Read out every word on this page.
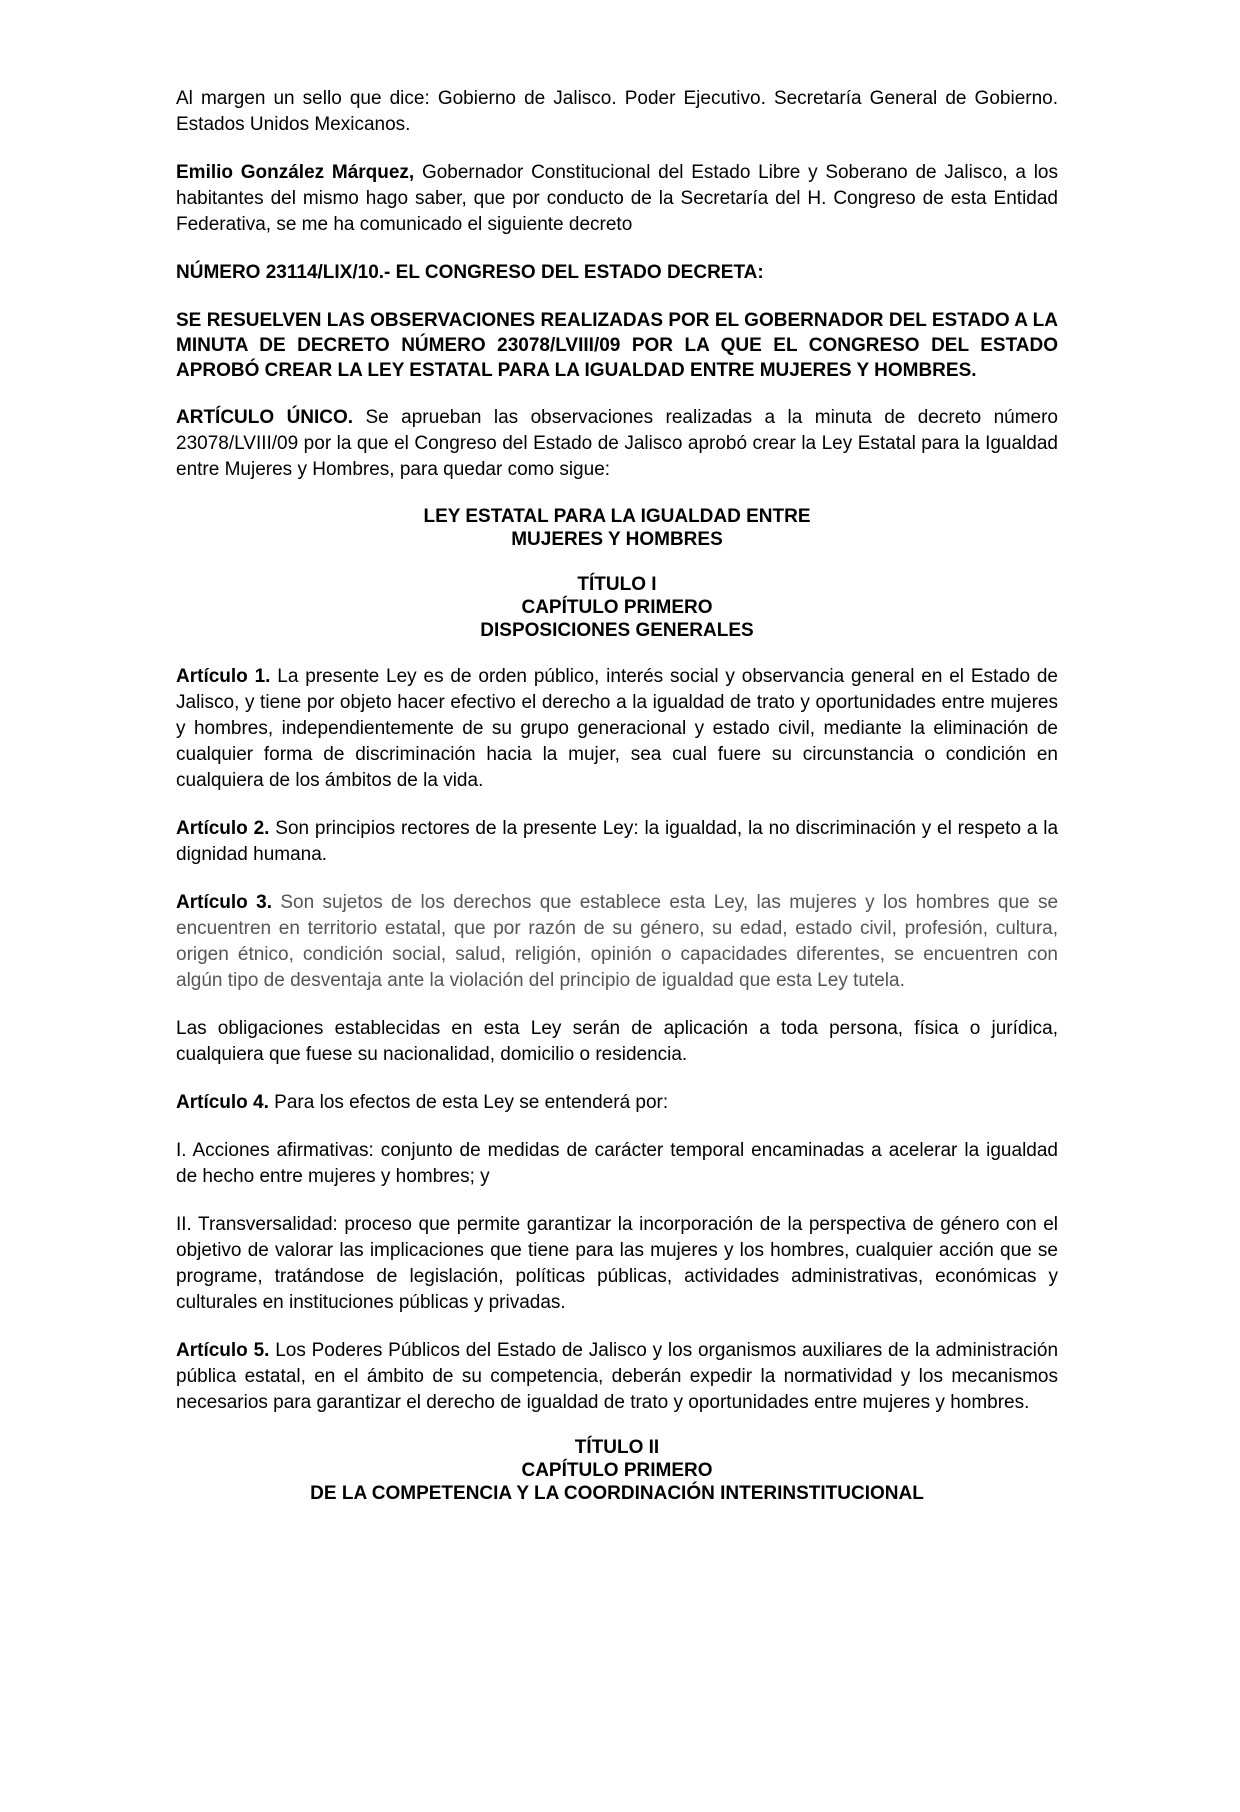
Al margen un sello que dice: Gobierno de Jalisco. Poder Ejecutivo. Secretaría General de Gobierno. Estados Unidos Mexicanos.

Emilio González Márquez, Gobernador Constitucional del Estado Libre y Soberano de Jalisco, a los habitantes del mismo hago saber, que por conducto de la Secretaría del H. Congreso de esta Entidad Federativa, se me ha comunicado el siguiente decreto

NÚMERO 23114/LIX/10.- EL CONGRESO DEL ESTADO DECRETA:

SE RESUELVEN LAS OBSERVACIONES REALIZADAS POR EL GOBERNADOR DEL ESTADO A LA MINUTA DE DECRETO NÚMERO 23078/LVIII/09 POR LA QUE EL CONGRESO DEL ESTADO APROBÓ CREAR LA LEY ESTATAL PARA LA IGUALDAD ENTRE MUJERES Y HOMBRES.

ARTÍCULO ÚNICO. Se aprueban las observaciones realizadas a la minuta de decreto número 23078/LVIII/09 por la que el Congreso del Estado de Jalisco aprobó crear la Ley Estatal para la Igualdad entre Mujeres y Hombres, para quedar como sigue:

LEY ESTATAL PARA LA IGUALDAD ENTRE
MUJERES Y HOMBRES
TÍTULO I
CAPÍTULO PRIMERO
DISPOSICIONES GENERALES

Artículo 1. La presente Ley es de orden público, interés social y observancia general en el Estado de Jalisco, y tiene por objeto hacer efectivo el derecho a la igualdad de trato y oportunidades entre mujeres y hombres, independientemente de su grupo generacional y estado civil, mediante la eliminación de cualquier forma de discriminación hacia la mujer, sea cual fuere su circunstancia o condición en cualquiera de los ámbitos de la vida.

Artículo 2. Son principios rectores de la presente Ley: la igualdad, la no discriminación y el respeto a la dignidad humana.

Artículo 3. Son sujetos de los derechos que establece esta Ley, las mujeres y los hombres que se encuentren en territorio estatal, que por razón de su género, su edad, estado civil, profesión, cultura, origen étnico, condición social, salud, religión, opinión o capacidades diferentes, se encuentren con algún tipo de desventaja ante la violación del principio de igualdad que esta Ley tutela.

Las obligaciones establecidas en esta Ley serán de aplicación a toda persona, física o jurídica, cualquiera que fuese su nacionalidad, domicilio o residencia.

Artículo 4. Para los efectos de esta Ley se entenderá por:

I. Acciones afirmativas: conjunto de medidas de carácter temporal encaminadas a acelerar la igualdad de hecho entre mujeres y hombres; y

II. Transversalidad: proceso que permite garantizar la incorporación de la perspectiva de género con el objetivo de valorar las implicaciones que tiene para las mujeres y los hombres, cualquier acción que se programe, tratándose de legislación, políticas públicas, actividades administrativas, económicas y culturales en instituciones públicas y privadas.

Artículo 5. Los Poderes Públicos del Estado de Jalisco y los organismos auxiliares de la administración pública estatal, en el ámbito de su competencia, deberán expedir la normatividad y los mecanismos necesarios para garantizar el derecho de igualdad de trato y oportunidades entre mujeres y hombres.

TÍTULO II
CAPÍTULO PRIMERO
DE LA COMPETENCIA Y LA COORDINACIÓN INTERINSTITUCIONAL
